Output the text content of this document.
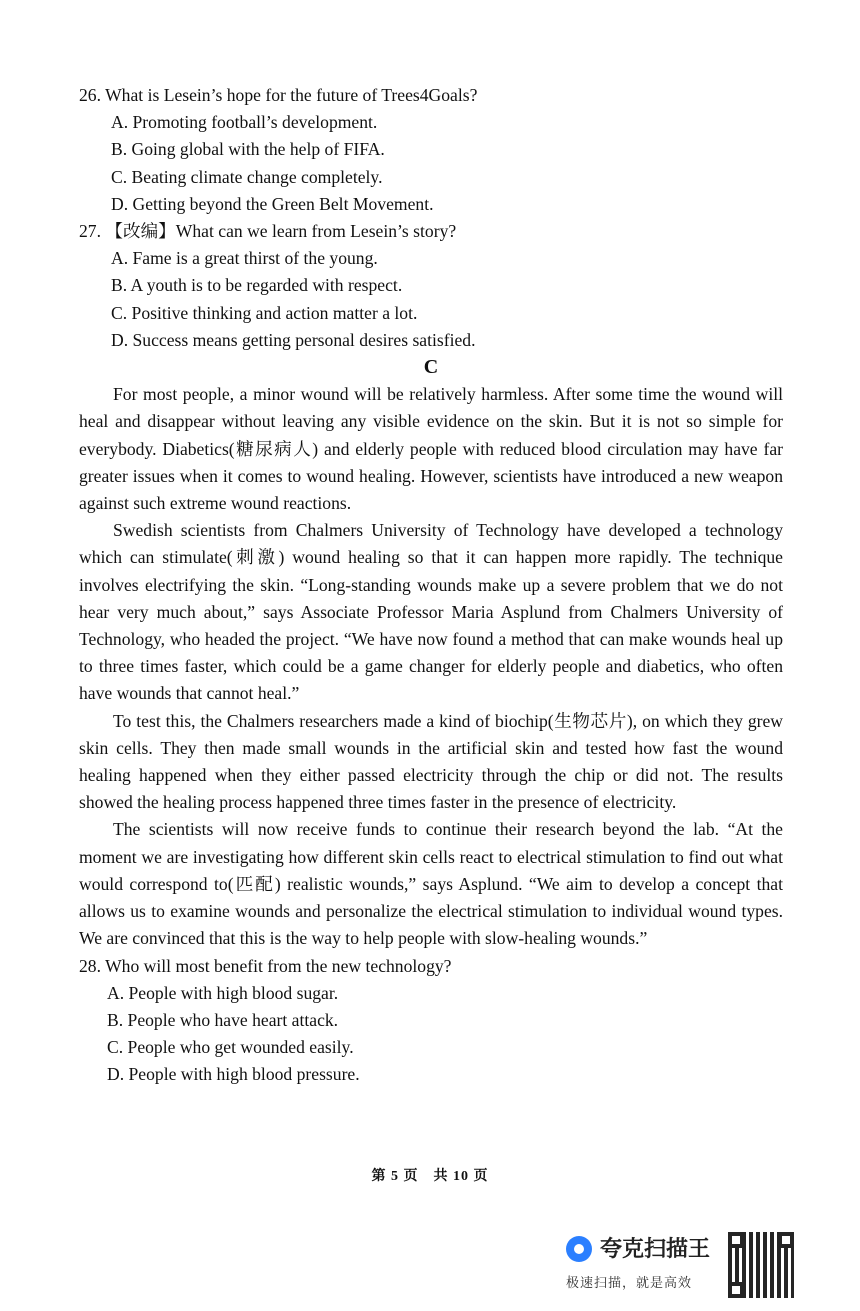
26. What is Lesein’s hope for the future of Trees4Goals?

A. Promoting football’s development.

B. Going global with the help of FIFA.

C. Beating climate change completely.

D. Getting beyond the Green Belt Movement.

27. 【改编】What can we learn from Lesein’s story?

A. Fame is a great thirst of the young.

B. A youth is to be regarded with respect.

C. Positive thinking and action matter a lot.

D. Success means getting personal desires satisfied.

C

For most people, a minor wound will be relatively harmless. After some time the wound will heal and disappear without leaving any visible evidence on the skin. But it is not so simple for everybody. Diabetics(糖尿病人) and elderly people with reduced blood circulation may have far greater issues when it comes to wound healing. However, scientists have introduced a new weapon against such extreme wound reactions.

Swedish scientists from Chalmers University of Technology have developed a technology which can stimulate(刺激) wound healing so that it can happen more rapidly. The technique involves electrifying the skin. “Long-standing wounds make up a severe problem that we do not hear very much about,” says Associate Professor Maria Asplund from Chalmers University of Technology, who headed the project. “We have now found a method that can make wounds heal up to three times faster, which could be a game changer for elderly people and diabetics, who often have wounds that cannot heal.”

To test this, the Chalmers researchers made a kind of biochip(生物芯片), on which they grew skin cells. They then made small wounds in the artificial skin and tested how fast the wound healing happened when they either passed electricity through the chip or did not. The results showed the healing process happened three times faster in the presence of electricity.

The scientists will now receive funds to continue their research beyond the lab. “At the moment we are investigating how different skin cells react to electrical stimulation to find out what would correspond to(匹配) realistic wounds,” says Asplund. “We aim to develop a concept that allows us to examine wounds and personalize the electrical stimulation to individual wound types. We are convinced that this is the way to help people with slow-healing wounds.”

28. Who will most benefit from the new technology?

A. People with high blood sugar.

B. People who have heart attack.

C. People who get wounded easily.

D. People with high blood pressure.

第 5 页　共 10 页
夸克扫描王
极速扫描，就是高效
